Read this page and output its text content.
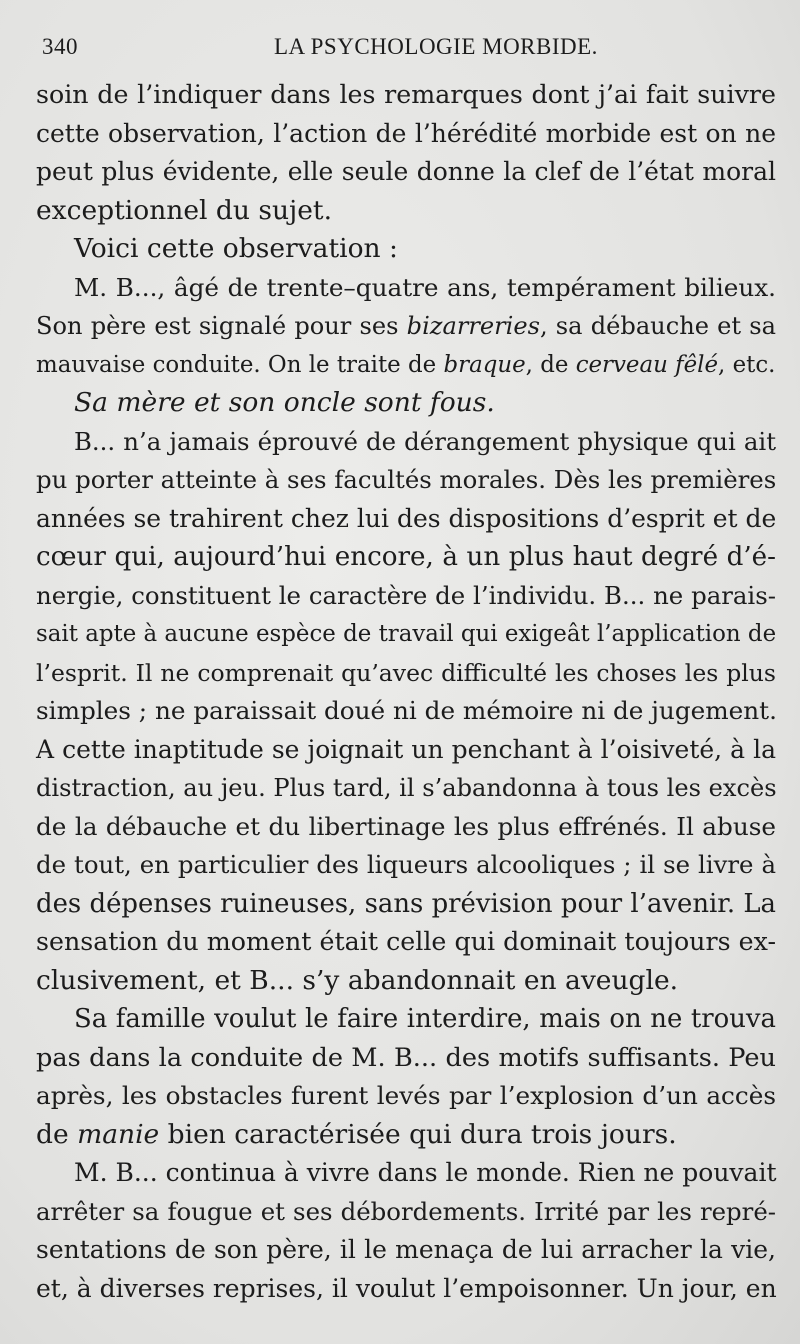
340	LA PSYCHOLOGIE MORBIDE.
soin de l’indiquer dans les remarques dont j’ai fait suivre
cette observation, l’action de l’hérédité morbide est on ne
peut plus évidente, elle seule donne la clef de l’état moral
exceptionnel du sujet.
Voici cette observation :
M. B..., âgé de trente–quatre ans, tempérament bilieux.
Son père est signalé pour ses bizarreries, sa débauche et sa
mauvaise conduite. On le traite de braque, de cerveau fêlé, etc.
Sa mère et son oncle sont fous.
B... n’a jamais éprouvé de dérangement physique qui ait
pu porter atteinte à ses facultés morales. Dès les premières
années se trahirent chez lui des dispositions d’esprit et de
cœur qui, aujourd’hui encore, à un plus haut degré d’é-
nergie, constituent le caractère de l’individu. B... ne parais-
sait apte à aucune espèce de travail qui exigeât l’application de
l’esprit. Il ne comprenait qu’avec difficulté les choses les plus
simples ; ne paraissait doué ni de mémoire ni de jugement.
A cette inaptitude se joignait un penchant à l’oisiveté, à la
distraction, au jeu. Plus tard, il s’abandonna à tous les excès
de la débauche et du libertinage les plus effrénés. Il abuse
de tout, en particulier des liqueurs alcooliques ; il se livre à
des dépenses ruineuses, sans prévision pour l’avenir. La
sensation du moment était celle qui dominait toujours ex-
clusivement, et B... s’y abandonnait en aveugle.
Sa famille voulut le faire interdire, mais on ne trouva
pas dans la conduite de M. B... des motifs suffisants. Peu
après, les obstacles furent levés par l’explosion d’un accès
de manie bien caractérisée qui dura trois jours.
M. B... continua à vivre dans le monde. Rien ne pouvait
arrêter sa fougue et ses débordements. Irrité par les repré-
sentations de son père, il le menaça de lui arracher la vie,
et, à diverses reprises, il voulut l’empoisonner. Un jour, en
